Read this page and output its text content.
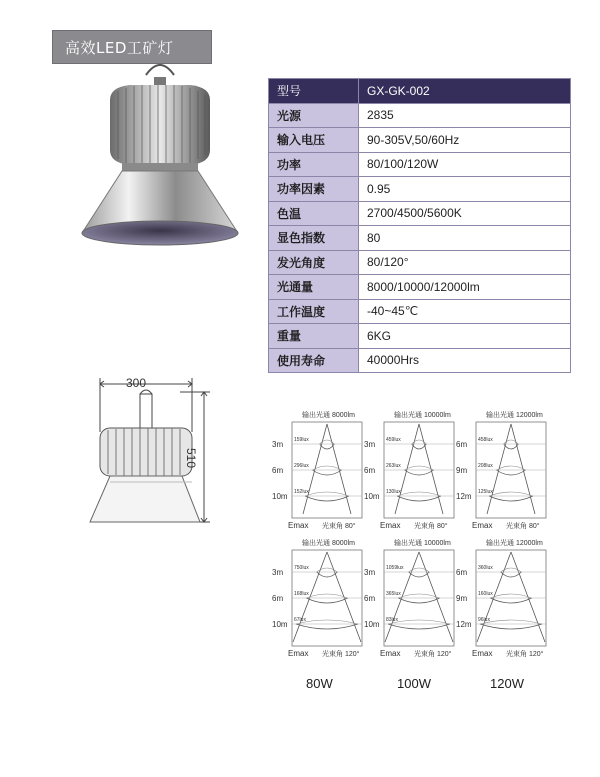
高效LED工矿灯
型号	GX-GK-002
光源	2835
输入电压	90-305V,50/60Hz
功率	80/100/120W
功率因素	0.95
色温	2700/4500/5600K
显色指数	80
发光角度	80/120°
光通量	8000/10000/12000lm
工作温度	-40~45℃
重量	6KG
使用寿命	40000Hrs
300
510
输出光通 8000lm
3m 159lux
6m 296lux
10m 152lux
Emax 光束角 80°
输出光通 10000lm
3m 459lux
6m 263lux
10m 130lux
Emax 光束角 80°
输出光通 12000lm
6m 458lux
9m 208lux
12m 125lux
Emax 光束角 80°
输出光通 8000lm
3m 750lux
6m 168lux
10m 67lux
Emax 光束角 120°
输出光通 10000lm
3m 1059lux
6m 365lux
10m 83lux
Emax 光束角 120°
输出光通 12000lm
6m 360lux
9m 160lux
12m 96lux
Emax 光束角 120°
80W	100W	120W
